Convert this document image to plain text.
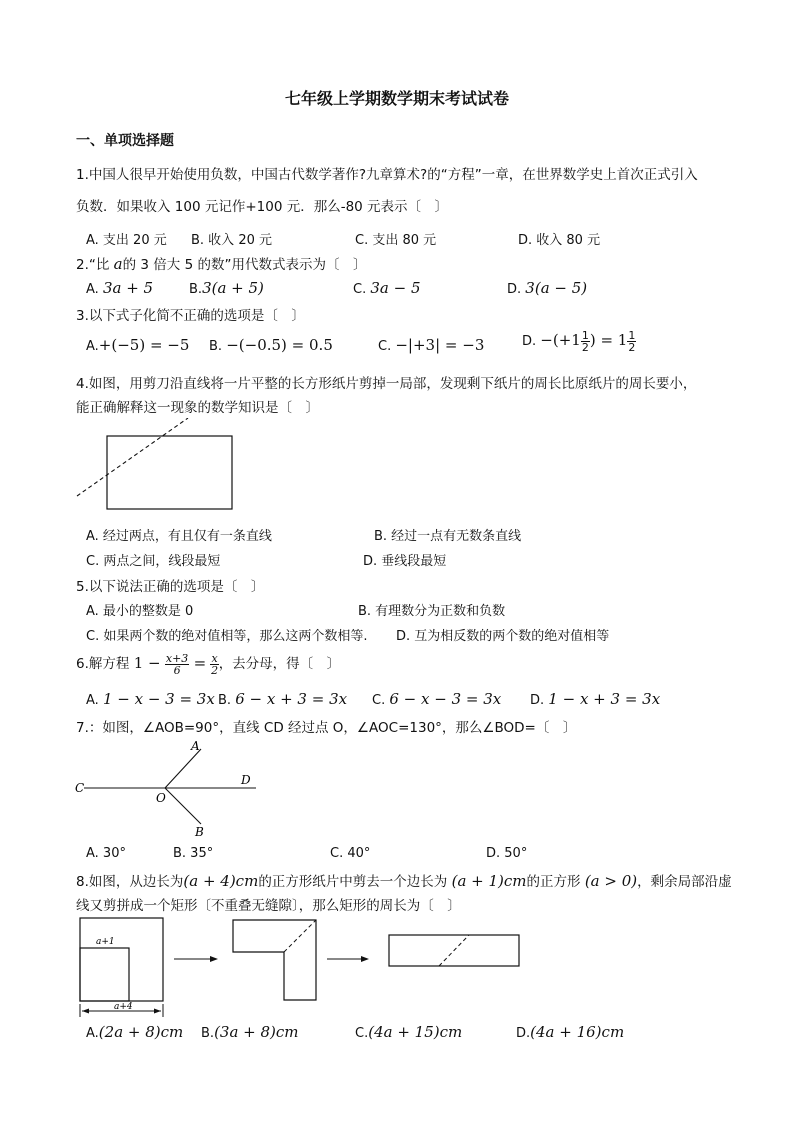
七年级上学期数学期末考试试卷
一、单项选择题
1.中国人很早开始使用负数，中国古代数学著作?九章算术?的“方程”一章，在世界数学史上首次正式引入
负数．如果收入 100 元记作+100 元．那么-80 元表示〔　〕
A. 支出 20 元 B. 收入 20 元	C. 支出 80 元	D. 收入 80 元
2.“比 a的 3 倍大 5 的数”用代数式表示为〔　〕
A. 3a + 5	B.3(a + 5)	C. 3a − 5	D. 3(a − 5)
3.以下式子化简不正确的选项是〔　〕
A.+(−5) = −5 B. −(−0.5) = 0.5	C. −|+3| = −3	D. $-(+1 \frac{1}{2}$ ) = $1 \frac{1}{2}$
4.如图，用剪刀沿直线将一片平整的长方形纸片剪掉一局部，发现剩下纸片的周长比原纸片的周长要小，
能正确解释这一现象的数学知识是〔　〕
A. 经过两点，有且仅有一条直线	B. 经过一点有无数条直线
C. 两点之间，线段最短	D. 垂线段最短
5.以下说法正确的选项是〔　〕
A. 最小的整数是 0	B. 有理数分为正数和负数
C. 如果两个数的绝对值相等，那么这两个数相等. D. 互为相反数的两个数的绝对值相等
6.解方程 $1 - \frac{x+3}{6} = \frac{x}{2}$ ，去分母，得〔　〕
A. 1 − x − 3 = 3x B. 6 − x + 3 = 3x C. 6 − x − 3 = 3x D. 1 − x + 3 = 3x
7.：如图，∠AOB=90°，直线 CD 经过点 O，∠AOC=130°，那么∠BOD=〔　〕
A
B
C
D
O
A. 30°	B. 35°	C. 40°	D. 50°
8.如图，从边长为(a + 4)cm的正方形纸片中剪去一个边长为 (a + 1)cm的正方形 (a > 0)，剩余局部沿虚
线又剪拼成一个矩形〔不重叠无缝隙〕，那么矩形的周长为〔　〕
a+1
a+4
A.(2a + 8)cm B.(3a + 8)cm	C.(4a + 15)cm	D.(4a + 16)cm
